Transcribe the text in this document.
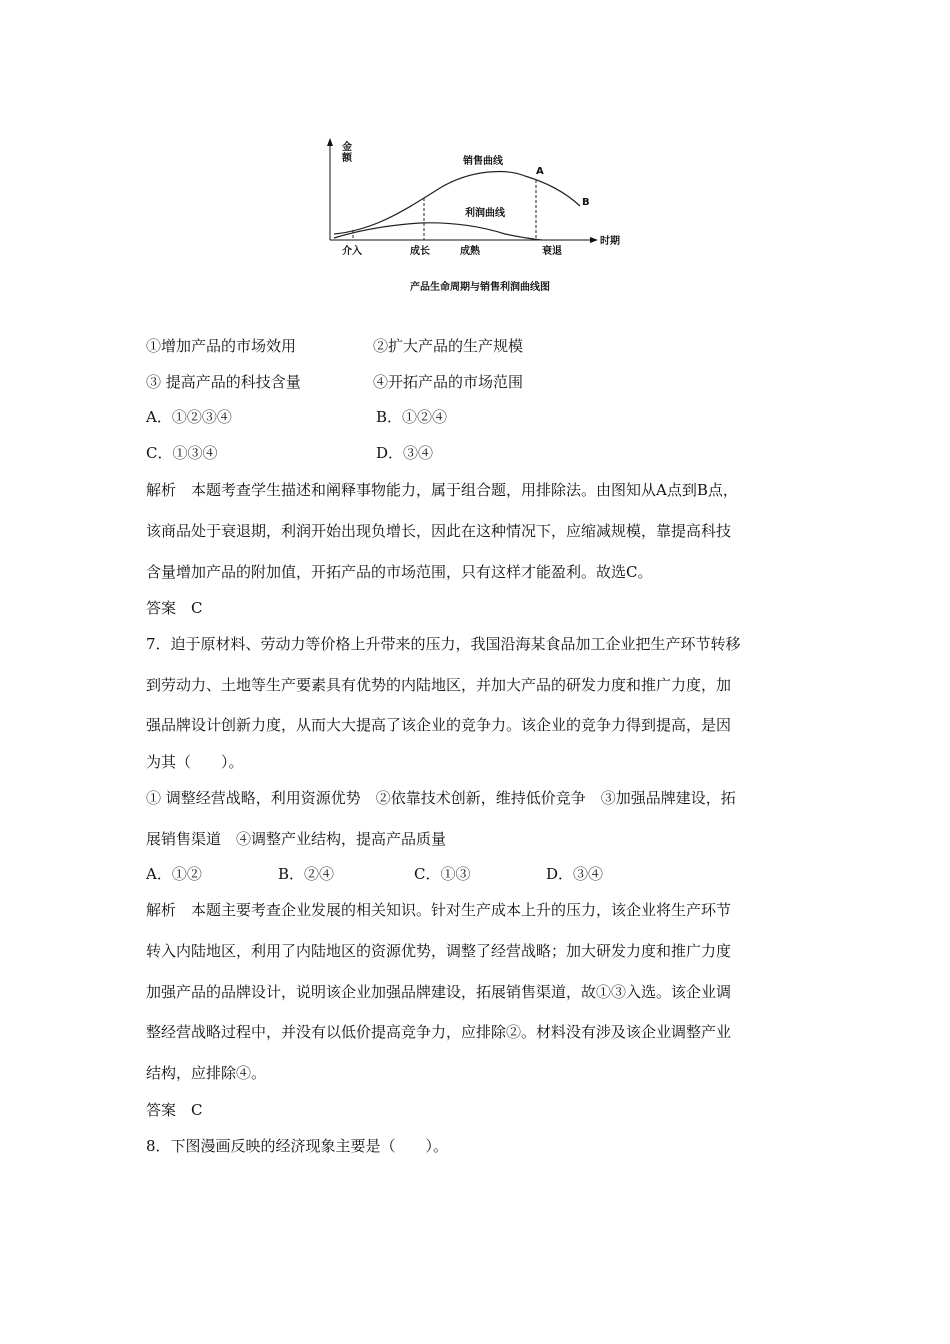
金
额
时期
销售曲线
利润曲线
A
B
介入	成长	成熟	衰退
产品生命周期与销售利润曲线图
①增加产品的市场效用	②扩大产品的生产规模
③ 提高产品的科技含量	④开拓产品的市场范围
A．①②③④	B．①②④
C．①③④	D．③④
解析　本题考查学生描述和阐释事物能力，属于组合题，用排除法。由图知从A点到B点，
该商品处于衰退期，利润开始出现负增长，因此在这种情况下，应缩减规模，靠提高科技
含量增加产品的附加值，开拓产品的市场范围，只有这样才能盈利。故选C。
答案　C
7．迫于原材料、劳动力等价格上升带来的压力，我国沿海某食品加工企业把生产环节转移
到劳动力、土地等生产要素具有优势的内陆地区，并加大产品的研发力度和推广力度，加
强品牌设计创新力度，从而大大提高了该企业的竞争力。该企业的竞争力得到提高，是因
为其（　　）。
① 调整经营战略，利用资源优势　②依靠技术创新，维持低价竞争　③加强品牌建设，拓
展销售渠道　④调整产业结构，提高产品质量
A．①②	B．②④	C．①③	D．③④
解析　本题主要考查企业发展的相关知识。针对生产成本上升的压力，该企业将生产环节
转入内陆地区，利用了内陆地区的资源优势，调整了经营战略；加大研发力度和推广力度
加强产品的品牌设计，说明该企业加强品牌建设，拓展销售渠道，故①③入选。该企业调
整经营战略过程中，并没有以低价提高竞争力，应排除②。材料没有涉及该企业调整产业
结构，应排除④。
答案　C
8．下图漫画反映的经济现象主要是（　　）。
